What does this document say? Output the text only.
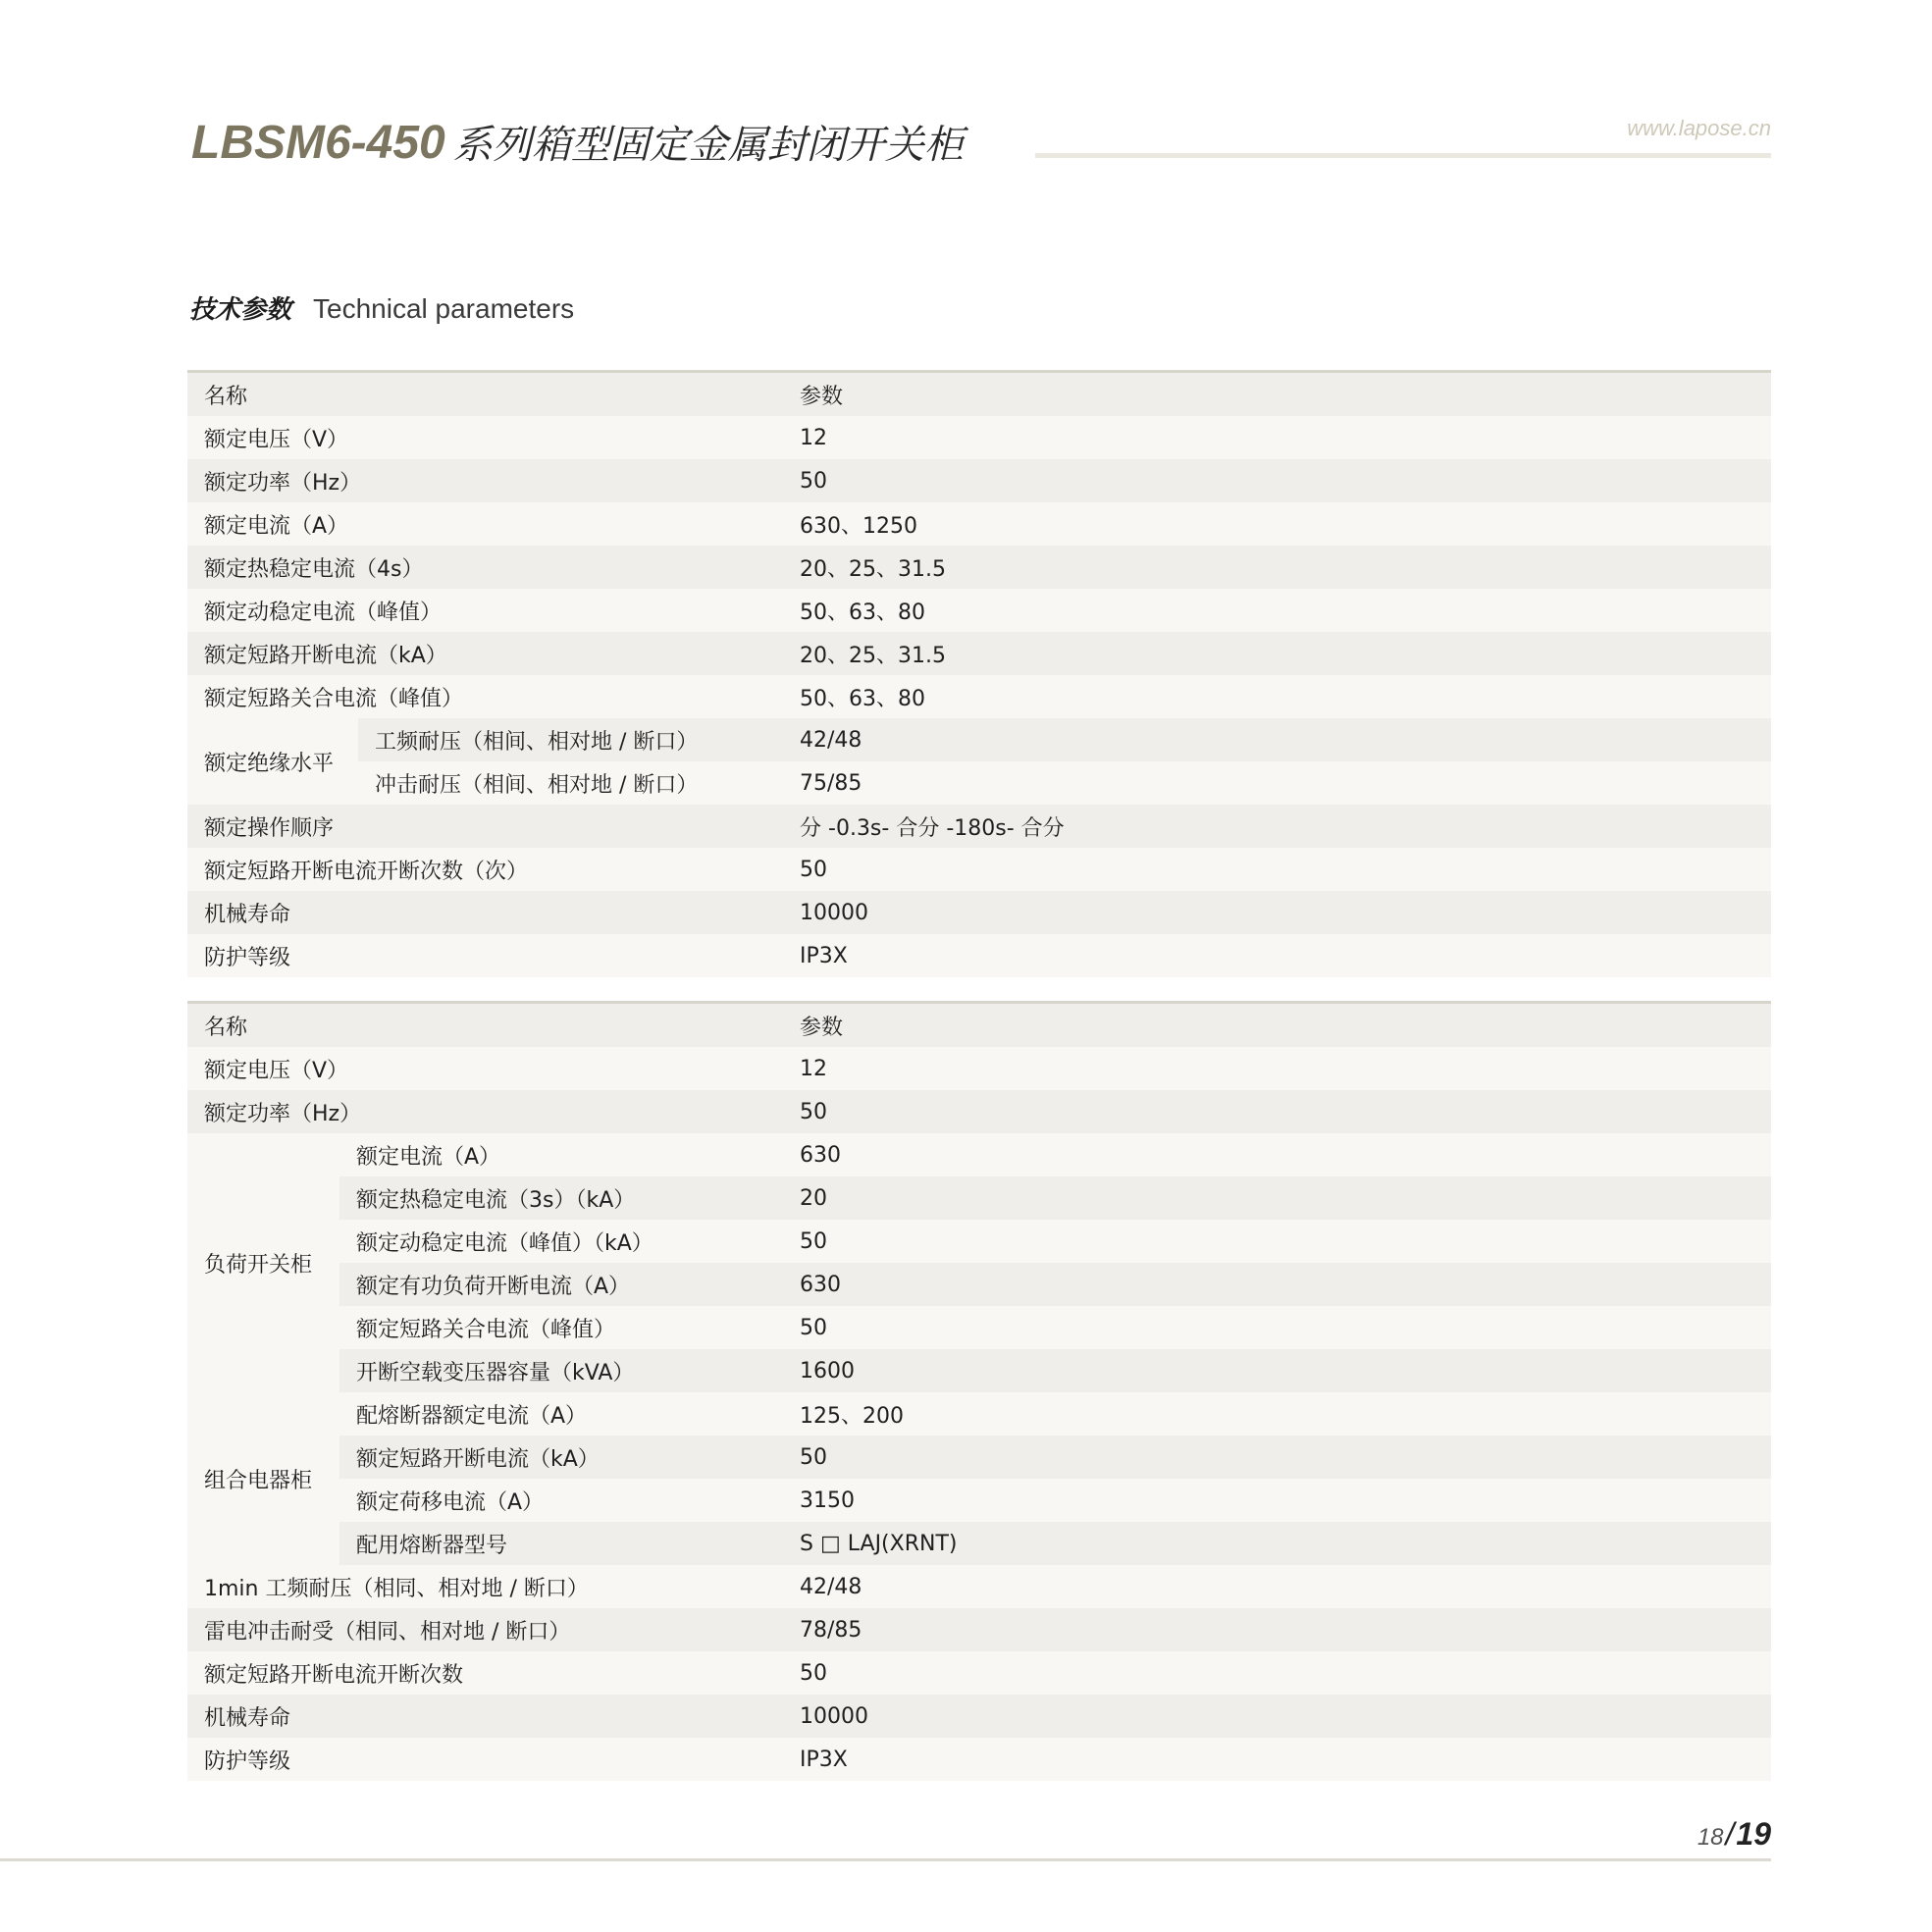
LBSM6-450 系列箱型固定金属封闭开关柜	www.lapose.cn
技术参数 Technical parameters
名称		参数
额定电压（V）		12
额定功率（Hz）		50
额定电流（A）		630、1250
额定热稳定电流（4s）		20、25、31.5
额定动稳定电流（峰值）		50、63、80
额定短路开断电流（kA）		20、25、31.5
额定短路关合电流（峰值）		50、63、80
额定绝缘水平	工频耐压（相间、相对地 / 断口）	42/48
	冲击耐压（相间、相对地 / 断口）	75/85
额定操作顺序		分 -0.3s- 合分 -180s- 合分
额定短路开断电流开断次数（次）		50
机械寿命		10000
防护等级		IP3X
名称		参数
额定电压（V）		12
额定功率（Hz）		50
负荷开关柜	额定电流（A）	630
	额定热稳定电流（3s）（kA）	20
	额定动稳定电流（峰值）（kA）	50
	额定有功负荷开断电流（A）	630
	额定短路关合电流（峰值）	50
	开断空载变压器容量（kVA）	1600
组合电器柜	配熔断器额定电流（A）	125、200
	额定短路开断电流（kA）	50
	额定荷移电流（A）	3150
	配用熔断器型号	S □ LAJ(XRNT)
1min 工频耐压（相同、相对地 / 断口）		42/48
雷电冲击耐受（相同、相对地 / 断口）		78/85
额定短路开断电流开断次数		50
机械寿命		10000
防护等级		IP3X
18/19
